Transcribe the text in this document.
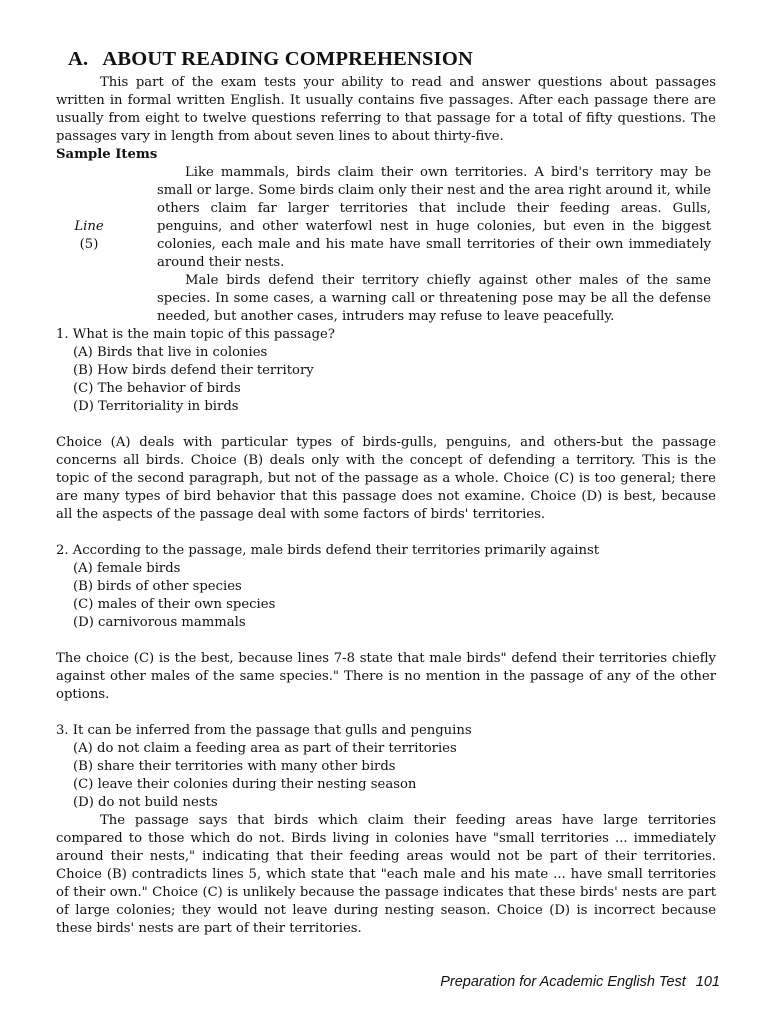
A. ABOUT READING COMPREHENSION

This part of the exam tests your ability to read and answer questions about passages written in formal written English. It usually contains five passages. After each passage there are usually from eight to twelve questions referring to that passage for a total of fifty questions. The passages vary in length from about seven lines to about thirty-five.

Sample Items

Line
(5)

Like mammals, birds claim their own territories. A bird's territory may be small or large. Some birds claim only their nest and the area right around it, while others claim far larger territories that include their feeding areas. Gulls, penguins, and other waterfowl nest in huge colonies, but even in the biggest colonies, each male and his mate have small territories of their own immediately around their nests.

Male birds defend their territory chiefly against other males of the same species. In some cases, a warning call or threatening pose may be all the defense needed, but another cases, intruders may refuse to leave peacefully.

1. What is the main topic of this passage?

(A) Birds that live in colonies

(B) How birds defend their territory

(C) The behavior of birds

(D) Territoriality in birds

Choice (A) deals with particular types of birds-gulls, penguins, and others-but the passage concerns all birds. Choice (B) deals only with the concept of defending a territory. This is the topic of the second paragraph, but not of the passage as a whole. Choice (C) is too general; there are many types of bird behavior that this passage does not examine. Choice (D) is best, because all the aspects of the passage deal with some factors of birds' territories.

2. According to the passage, male birds defend their territories primarily against

(A) female birds

(B) birds of other species

(C) males of their own species

(D) carnivorous mammals

The choice (C) is the best, because lines 7-8 state that male birds" defend their territories chiefly against other males of the same species." There is no mention in the passage of any of the other options.

3. It can be inferred from the passage that gulls and penguins

(A) do not claim a feeding area as part of their territories

(B) share their territories with many other birds

(C) leave their colonies during their nesting season

(D) do not build nests

The passage says that birds which claim their feeding areas have large territories compared to those which do not. Birds living in colonies have "small territories ... immediately around their nests," indicating that their feeding areas would not be part of their territories. Choice (B) contradicts lines 5, which state that "each male and his mate ... have small territories of their own." Choice (C) is unlikely because the passage indicates that these birds' nests are part of large colonies; they would not leave during nesting season. Choice (D) is incorrect because these birds' nests are part of their territories.

Preparation for Academic English Test 101
